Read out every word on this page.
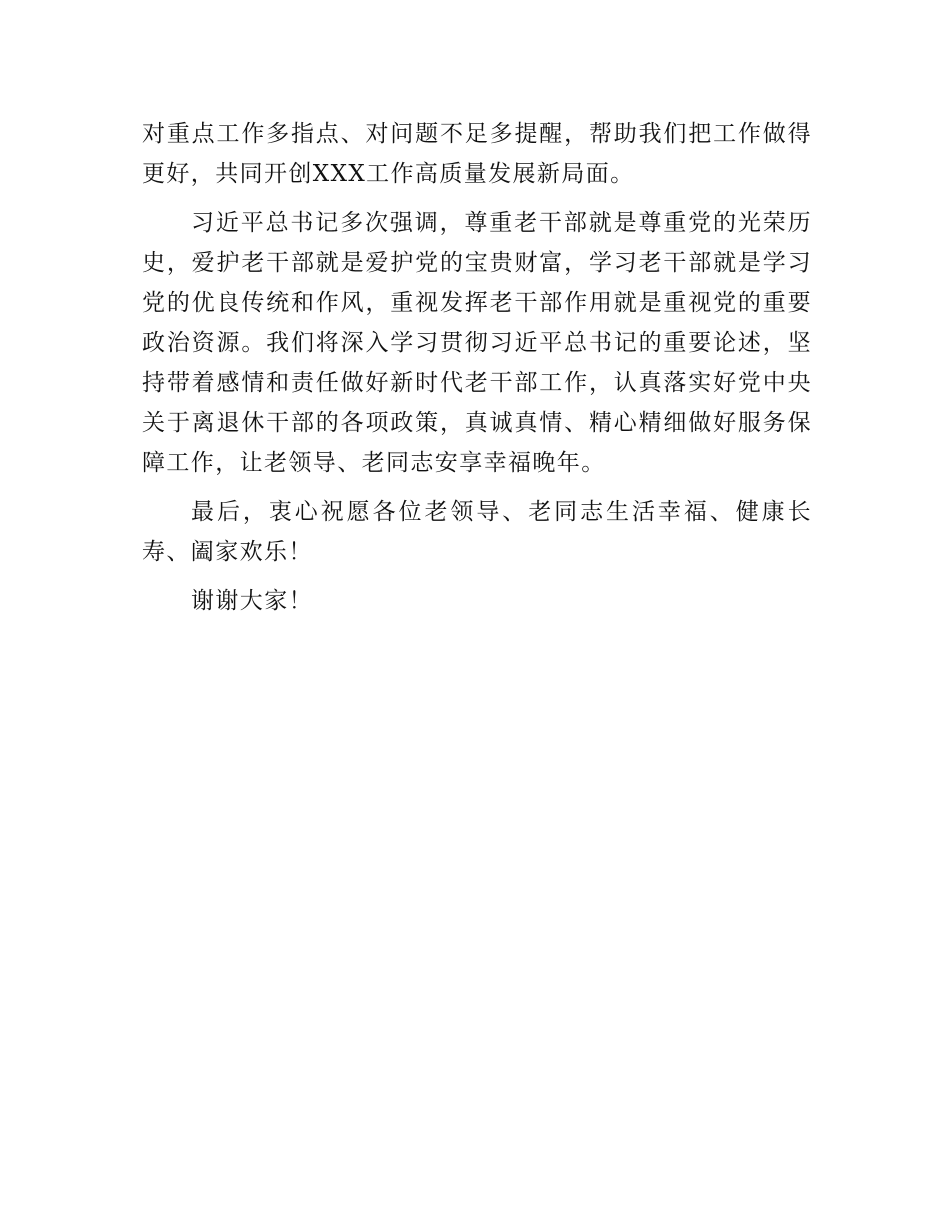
对重点工作多指点、对问题不足多提醒，帮助我们把工作做得更好，共同开创XXX工作高质量发展新局面。

习近平总书记多次强调，尊重老干部就是尊重党的光荣历史，爱护老干部就是爱护党的宝贵财富，学习老干部就是学习党的优良传统和作风，重视发挥老干部作用就是重视党的重要政治资源。我们将深入学习贯彻习近平总书记的重要论述，坚持带着感情和责任做好新时代老干部工作，认真落实好党中央关于离退休干部的各项政策，真诚真情、精心精细做好服务保障工作，让老领导、老同志安享幸福晚年。

最后，衷心祝愿各位老领导、老同志生活幸福、健康长寿、阖家欢乐！

谢谢大家！
